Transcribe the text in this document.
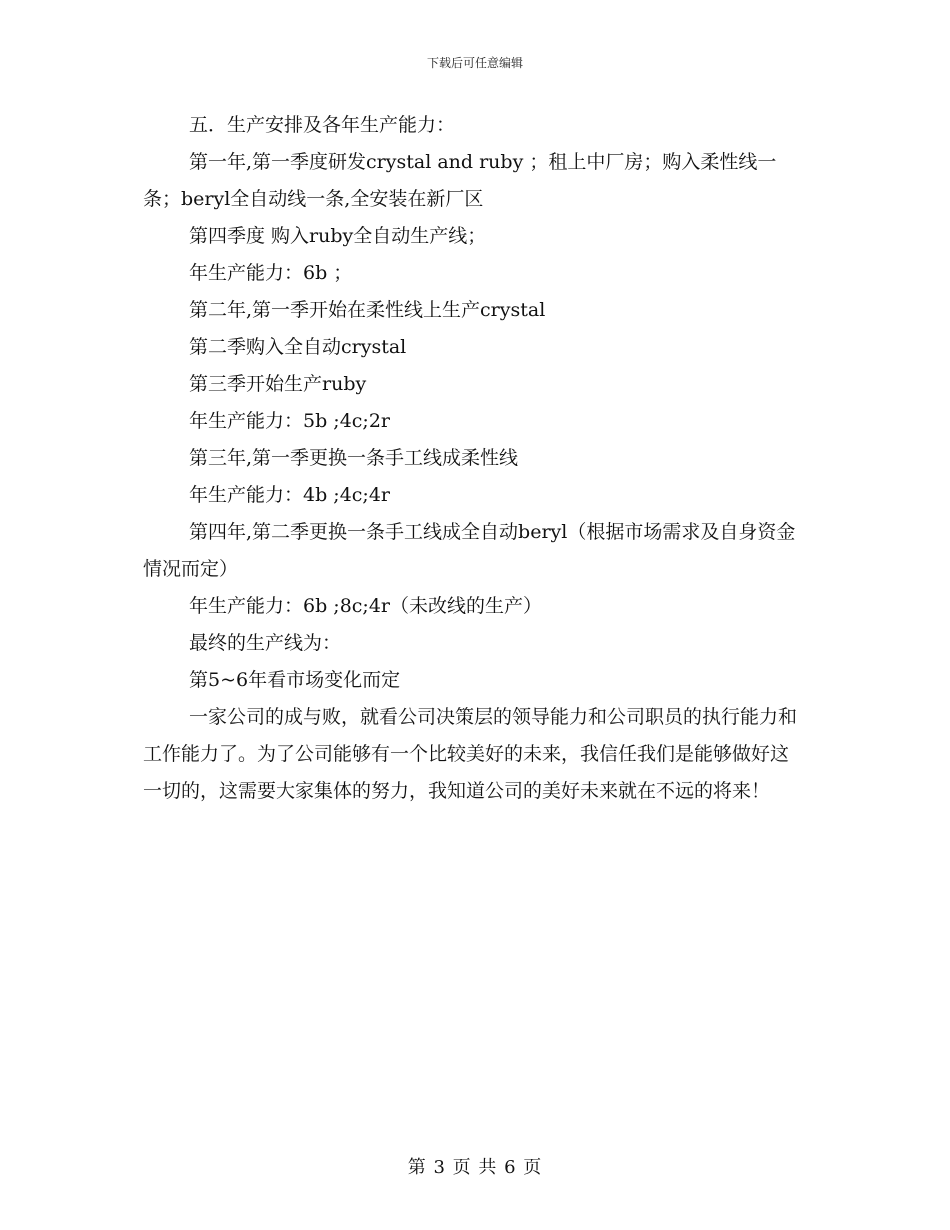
下载后可任意编辑

五．生产安排及各年生产能力：

第一年,第一季度研发crystal and ruby ；租上中厂房；购入柔性线一条；beryl全自动线一条,全安装在新厂区

第四季度 购入ruby全自动生产线；

年生产能力：6b ；

第二年,第一季开始在柔性线上生产crystal

第二季购入全自动crystal

第三季开始生产ruby

年生产能力：5b ;4c;2r

第三年,第一季更换一条手工线成柔性线

年生产能力：4b ;4c;4r

第四年,第二季更换一条手工线成全自动beryl（根据市场需求及自身资金情况而定）

年生产能力：6b ;8c;4r（未改线的生产）

最终的生产线为：

第5~6年看市场变化而定

一家公司的成与败，就看公司决策层的领导能力和公司职员的执行能力和工作能力了。为了公司能够有一个比较美好的未来，我信任我们是能够做好这一切的，这需要大家集体的努力，我知道公司的美好未来就在不远的将来！

第 3 页 共 6 页
